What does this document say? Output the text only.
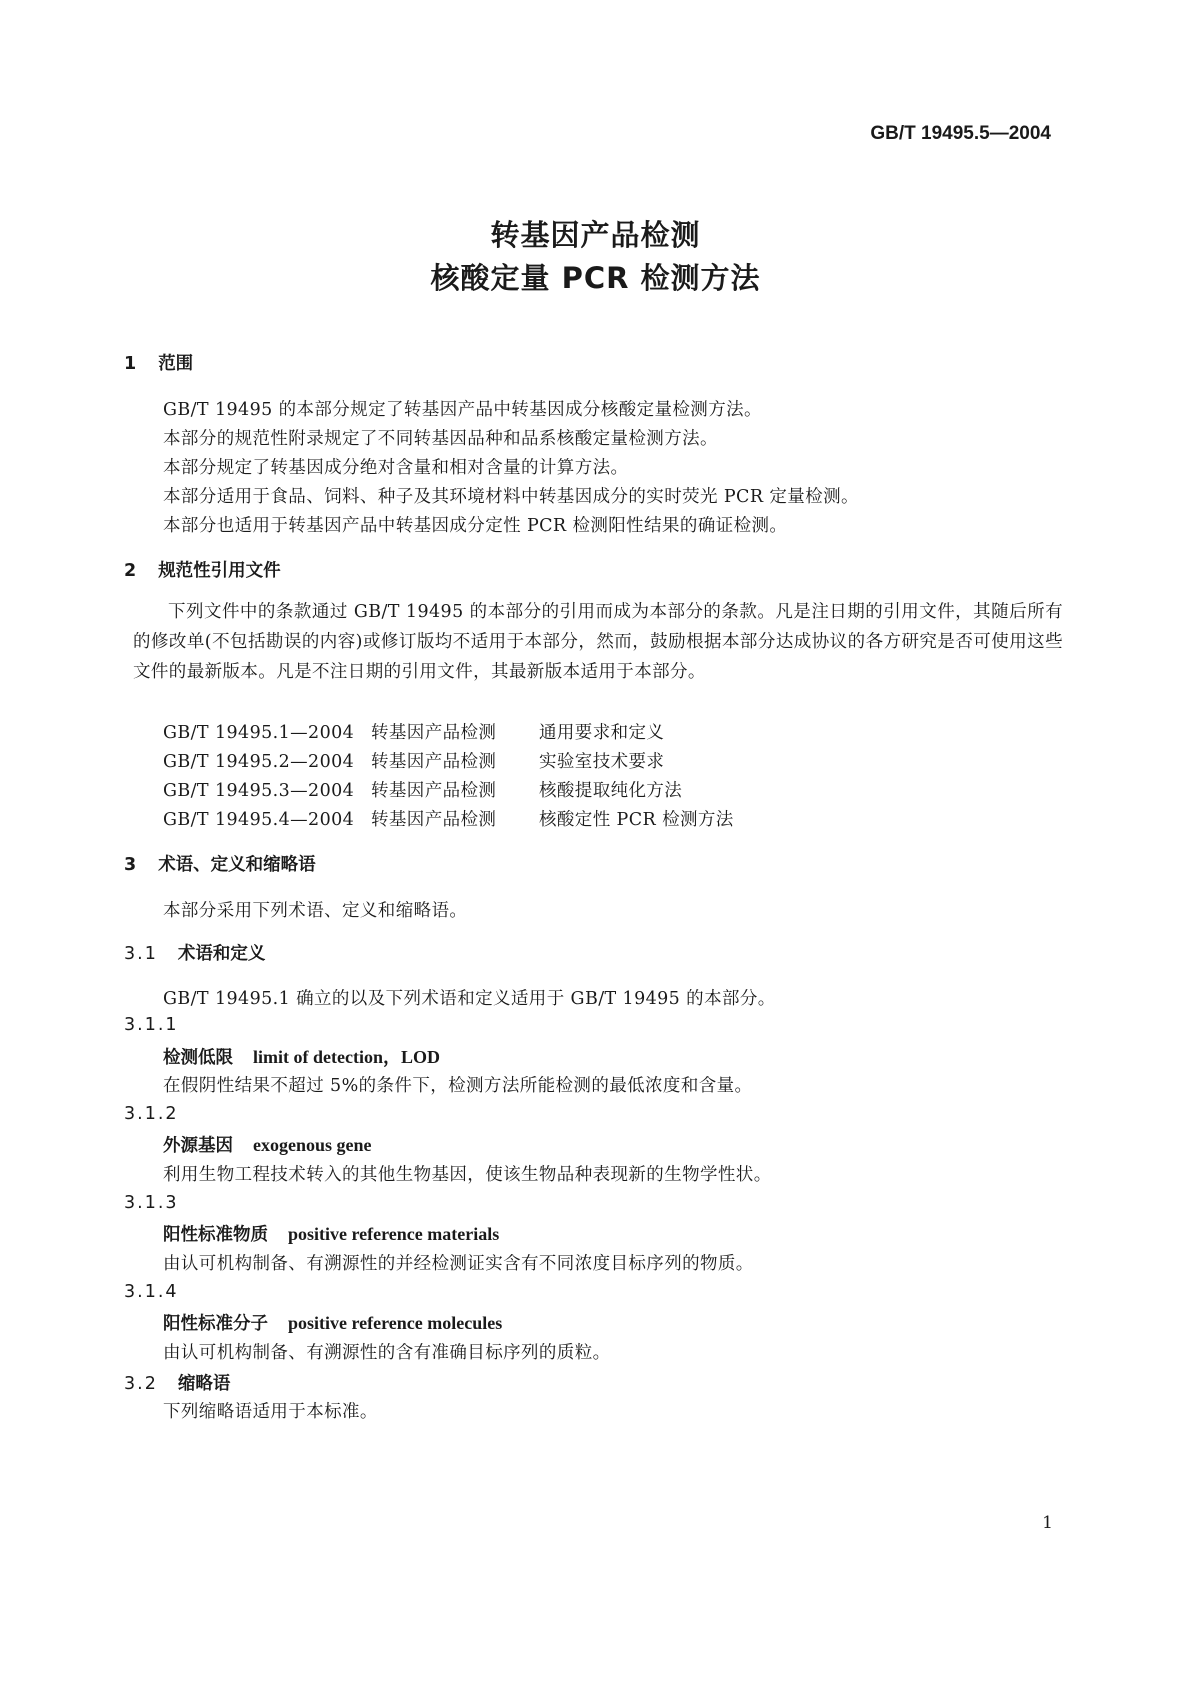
GB/T 19495.5—2004
转基因产品检测
核酸定量 PCR 检测方法
1 范围
GB/T 19495 的本部分规定了转基因产品中转基因成分核酸定量检测方法。
本部分的规范性附录规定了不同转基因品种和品系核酸定量检测方法。
本部分规定了转基因成分绝对含量和相对含量的计算方法。
本部分适用于食品、饲料、种子及其环境材料中转基因成分的实时荧光 PCR 定量检测。
本部分也适用于转基因产品中转基因成分定性 PCR 检测阳性结果的确证检测。
2 规范性引用文件
下列文件中的条款通过 GB/T 19495 的本部分的引用而成为本部分的条款。凡是注日期的引用文件，其随后所有的修改单(不包括勘误的内容)或修订版均不适用于本部分，然而，鼓励根据本部分达成协议的各方研究是否可使用这些文件的最新版本。凡是不注日期的引用文件，其最新版本适用于本部分。
GB/T 19495.1—2004 转基因产品检测 通用要求和定义
GB/T 19495.2—2004 转基因产品检测 实验室技术要求
GB/T 19495.3—2004 转基因产品检测 核酸提取纯化方法
GB/T 19495.4—2004 转基因产品检测 核酸定性 PCR 检测方法
3 术语、定义和缩略语
本部分采用下列术语、定义和缩略语。
3.1 术语和定义
GB/T 19495.1 确立的以及下列术语和定义适用于 GB/T 19495 的本部分。
3.1.1
检测低限 limit of detection，LOD
在假阴性结果不超过 5%的条件下，检测方法所能检测的最低浓度和含量。
3.1.2
外源基因 exogenous gene
利用生物工程技术转入的其他生物基因，使该生物品种表现新的生物学性状。
3.1.3
阳性标准物质 positive reference materials
由认可机构制备、有溯源性的并经检测证实含有不同浓度目标序列的物质。
3.1.4
阳性标准分子 positive reference molecules
由认可机构制备、有溯源性的含有准确目标序列的质粒。
3.2 缩略语
下列缩略语适用于本标准。
1
